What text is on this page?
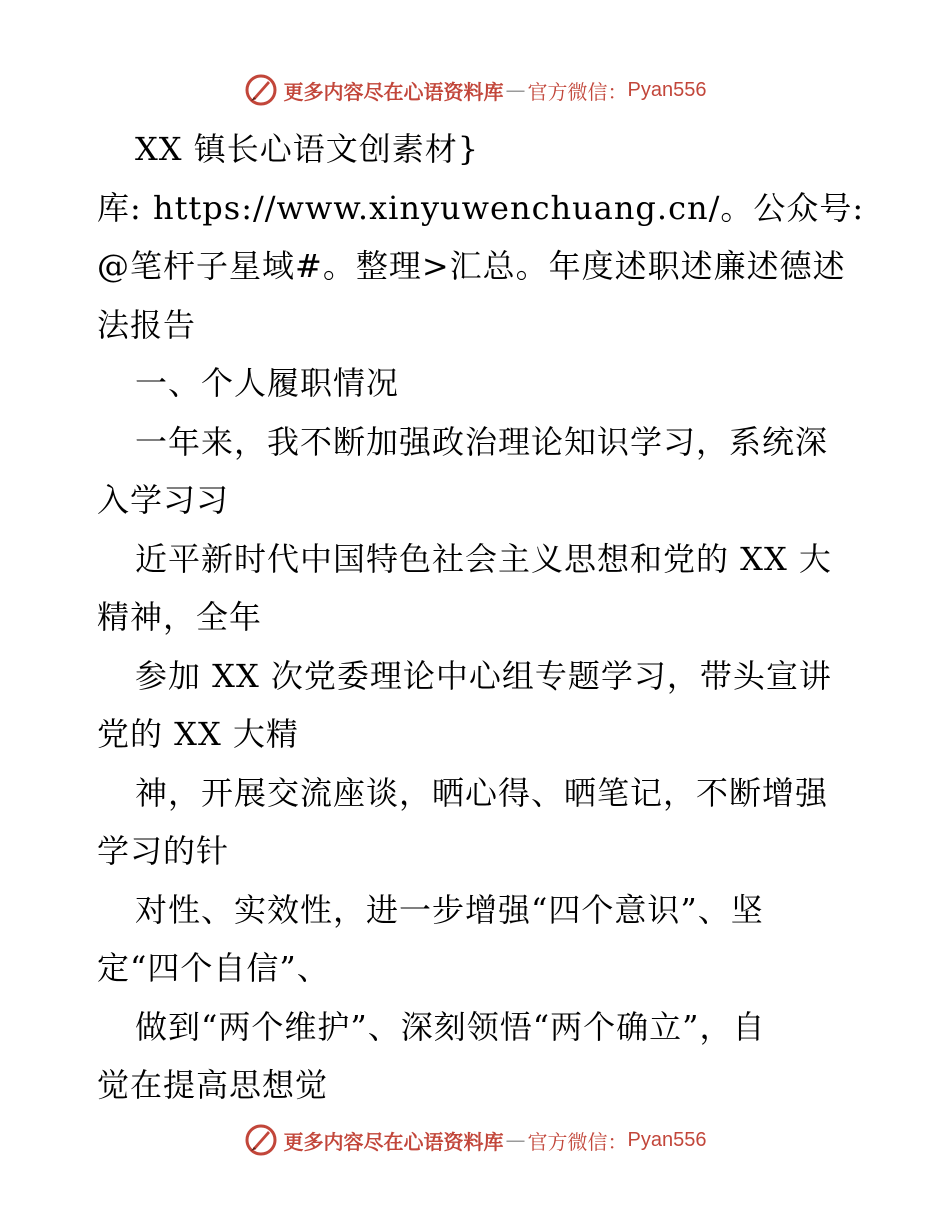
更多内容尽在心语资料库 — 官方微信： Pyan556
XX 镇长心语文创素材}
库: https://www.xinyuwenchuang.cn/。公众号:
@笔杆子星域#。整理>汇总。年度述职述廉述德述
法报告
一、个人履职情况
一年来，我不断加强政治理论知识学习，系统深
入学习习
近平新时代中国特色社会主义思想和党的 XX 大
精神，全年
参加 XX 次党委理论中心组专题学习，带头宣讲
党的 XX 大精
神，开展交流座谈，晒心得、晒笔记，不断增强
学习的针
对性、实效性，进一步增强“四个意识”、坚
定“四个自信”、
做到“两个维护”、深刻领悟“两个确立”，自
觉在提高思想觉
更多内容尽在心语资料库 — 官方微信： Pyan556
